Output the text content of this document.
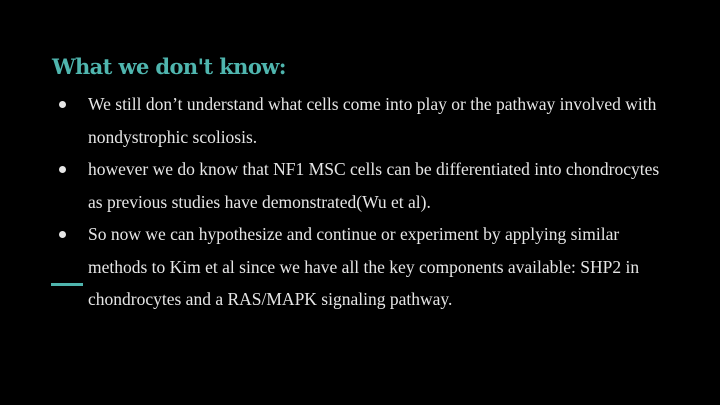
What we don't know:
We still don’t understand what cells come into play or the pathway involved with nondystrophic scoliosis.
however we do know that NF1 MSC cells can be differentiated into chondrocytes as previous studies have demonstrated(Wu et al).
So now we can hypothesize and continue or experiment by applying similar methods to Kim et al since we have all the key components available: SHP2 in chondrocytes and a RAS/MAPK signaling pathway.
